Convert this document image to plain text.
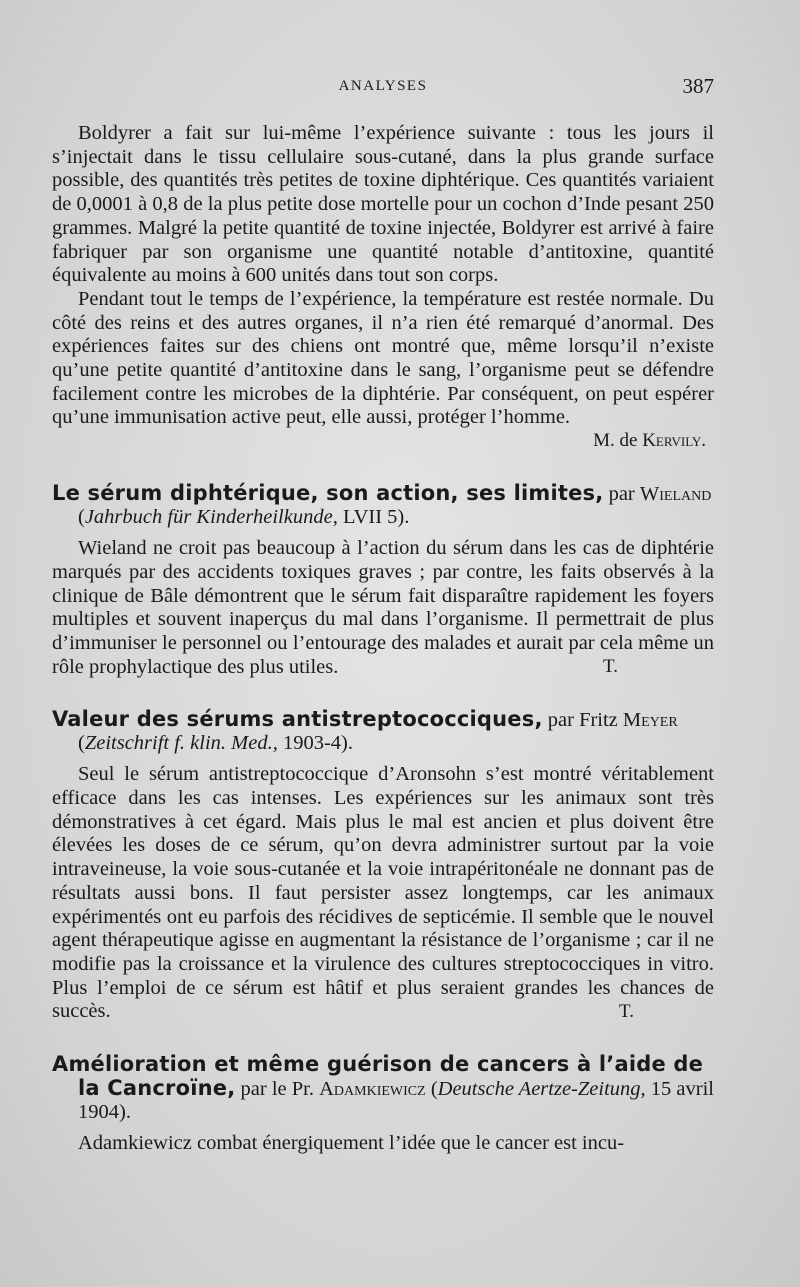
ANALYSES	387

Boldyrer a fait sur lui-même l’expérience suivante : tous les jours il s’injectait dans le tissu cellulaire sous-cutané, dans la plus grande surface possible, des quantités très petites de toxine diphtérique. Ces quantités variaient de 0,0001 à 0,8 de la plus petite dose mortelle pour un cochon d’Inde pesant 250 grammes. Malgré la petite quantité de toxine injectée, Boldyrer est arrivé à faire fabriquer par son organisme une quantité notable d’antitoxine, quantité équivalente au moins à 600 unités dans tout son corps.

Pendant tout le temps de l’expérience, la température est restée normale. Du côté des reins et des autres organes, il n’a rien été remarqué d’anormal. Des expériences faites sur des chiens ont montré que, même lorsqu’il n’existe qu’une petite quantité d’antitoxine dans le sang, l’organisme peut se défendre facilement contre les microbes de la diphtérie. Par conséquent, on peut espérer qu’une immunisation active peut, elle aussi, protéger l’homme.

M. de Kervily.
Le sérum diphtérique, son action, ses limites, par Wieland (Jahrbuch für Kinderheilkunde, LVII 5).

Wieland ne croit pas beaucoup à l’action du sérum dans les cas de diphtérie marqués par des accidents toxiques graves ; par contre, les faits observés à la clinique de Bâle démontrent que le sérum fait disparaître rapidement les foyers multiples et souvent inaperçus du mal dans l’organisme. Il permettrait de plus d’immuniser le personnel ou l’entourage des malades et aurait par cela même un rôle prophylactique des plus utiles.	T.
Valeur des sérums antistreptococciques, par Fritz Meyer (Zeitschrift f. klin. Med., 1903-4).

Seul le sérum antistreptococcique d’Aronsohn s’est montré véritablement efficace dans les cas intenses. Les expériences sur les animaux sont très démonstratives à cet égard. Mais plus le mal est ancien et plus doivent être élevées les doses de ce sérum, qu’on devra administrer surtout par la voie intraveineuse, la voie sous-cutanée et la voie intrapéritonéale ne donnant pas de résultats aussi bons. Il faut persister assez longtemps, car les animaux expérimentés ont eu parfois des récidives de septicémie. Il semble que le nouvel agent thérapeutique agisse en augmentant la résistance de l’organisme ; car il ne modifie pas la croissance et la virulence des cultures streptococciques in vitro. Plus l’emploi de ce sérum est hâtif et plus seraient grandes les chances de succès.	T.
Amélioration et même guérison de cancers à l’aide de la Cancroïne, par le Pr. Adamkiewicz (Deutsche Aertze-Zeitung, 15 avril 1904).

Adamkiewicz combat énergiquement l’idée que le cancer est incu-
